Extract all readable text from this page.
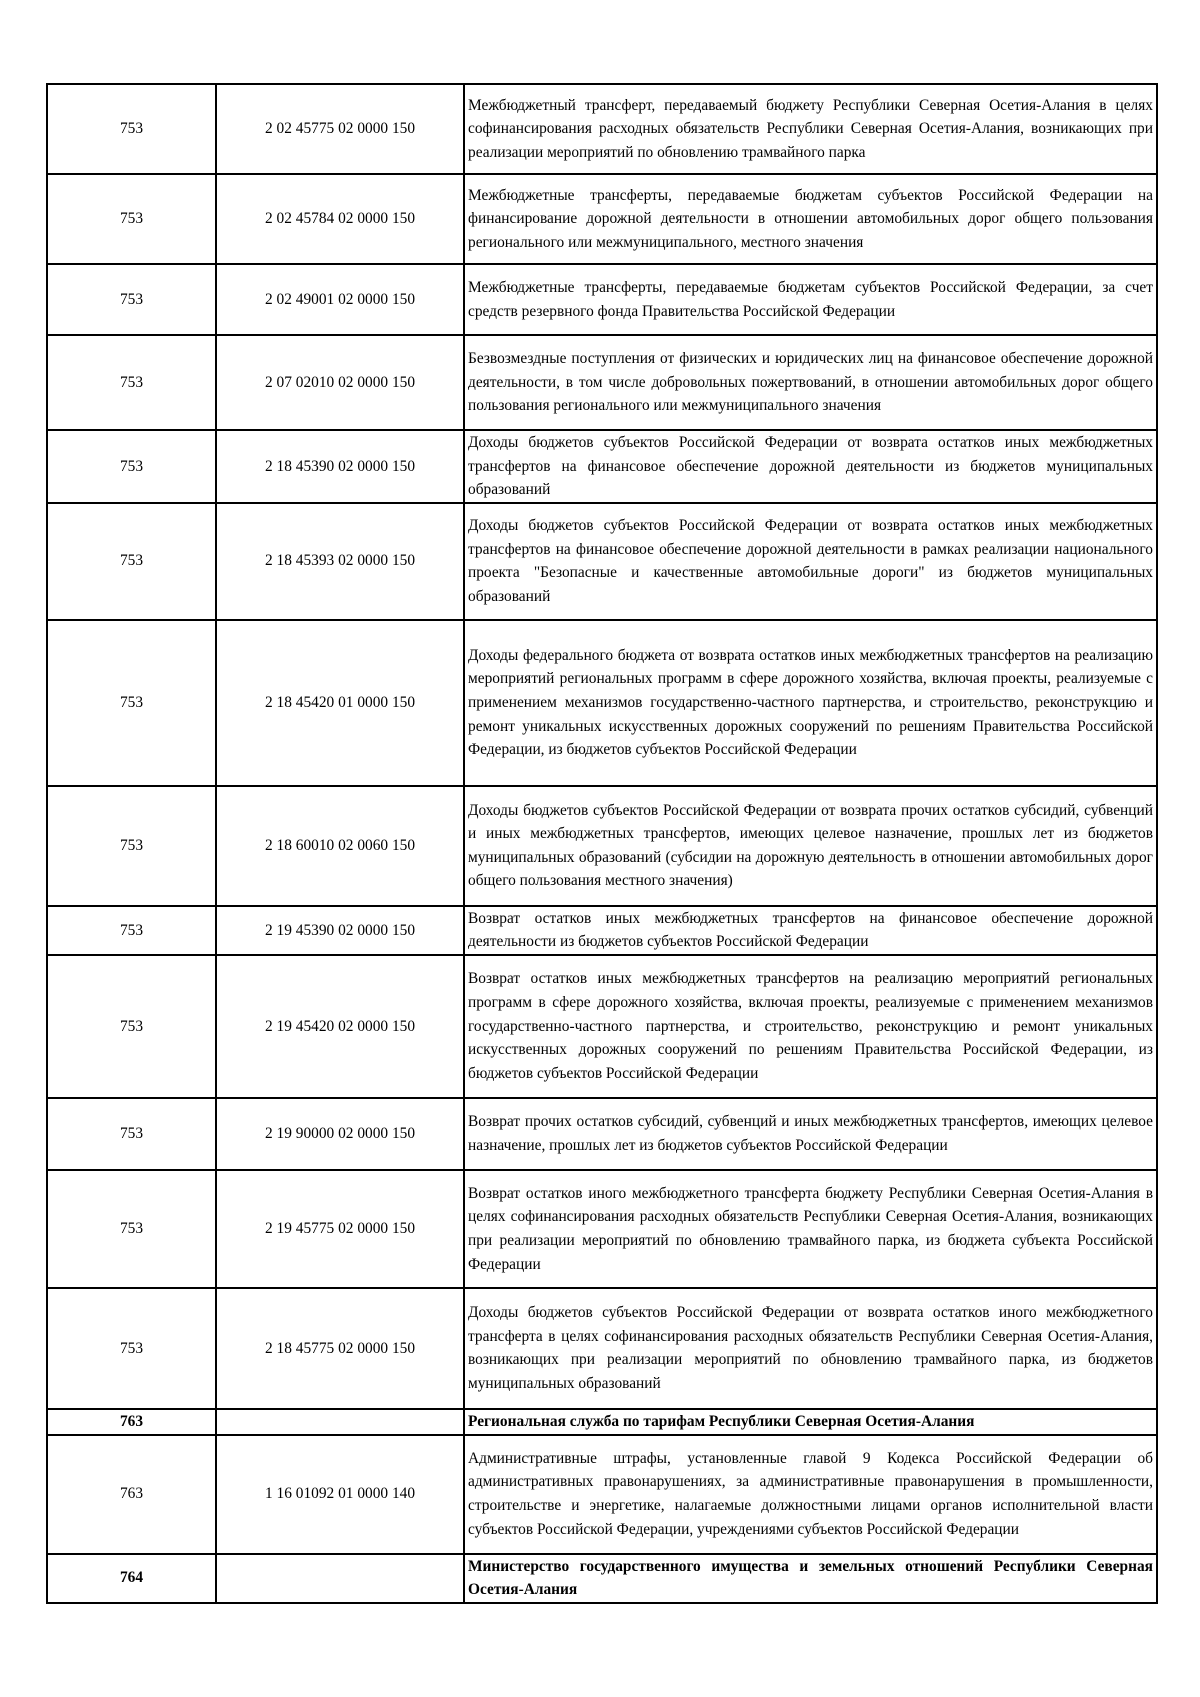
753	2 02 45775 02 0000 150	Межбюджетный трансферт, передаваемый бюджету Республики Северная Осетия-Алания в целях софинансирования расходных обязательств Республики Северная Осетия-Алания, возникающих при реализации мероприятий по обновлению трамвайного парка
753	2 02 45784 02 0000 150	Межбюджетные трансферты, передаваемые бюджетам субъектов Российской Федерации на финансирование дорожной деятельности в отношении автомобильных дорог общего пользования регионального или межмуниципального, местного значения
753	2 02 49001 02 0000 150	Межбюджетные трансферты, передаваемые бюджетам субъектов Российской Федерации, за счет средств резервного фонда Правительства Российской Федерации
753	2 07 02010 02 0000 150	Безвозмездные поступления от физических и юридических лиц на финансовое обеспечение дорожной деятельности, в том числе добровольных пожертвований, в отношении автомобильных дорог общего пользования регионального или межмуниципального значения
753	2 18 45390 02 0000 150	Доходы бюджетов субъектов Российской Федерации от возврата остатков иных межбюджетных трансфертов на финансовое обеспечение дорожной деятельности из бюджетов муниципальных образований
753	2 18 45393 02 0000 150	Доходы бюджетов субъектов Российской Федерации от возврата остатков иных межбюджетных трансфертов на финансовое обеспечение дорожной деятельности в рамках реализации национального проекта "Безопасные и качественные автомобильные дороги" из бюджетов муниципальных образований
753	2 18 45420 01 0000 150	Доходы федерального бюджета от возврата остатков иных межбюджетных трансфертов на реализацию мероприятий региональных программ в сфере дорожного хозяйства, включая проекты, реализуемые с применением механизмов государственно-частного партнерства, и строительство, реконструкцию и ремонт уникальных искусственных дорожных сооружений по решениям Правительства Российской Федерации, из бюджетов субъектов Российской Федерации
753	2 18 60010 02 0060 150	Доходы бюджетов субъектов Российской Федерации от возврата прочих остатков субсидий, субвенций и иных межбюджетных трансфертов, имеющих целевое назначение, прошлых лет из бюджетов муниципальных образований (субсидии на дорожную деятельность в отношении автомобильных дорог общего пользования местного значения)
753	2 19 45390 02 0000 150	Возврат остатков иных межбюджетных трансфертов на финансовое обеспечение дорожной деятельности из бюджетов субъектов Российской Федерации
753	2 19 45420 02 0000 150	Возврат остатков иных межбюджетных трансфертов на реализацию мероприятий региональных программ в сфере дорожного хозяйства, включая проекты, реализуемые с применением механизмов государственно-частного партнерства, и строительство, реконструкцию и ремонт уникальных искусственных дорожных сооружений по решениям Правительства Российской Федерации, из бюджетов субъектов Российской Федерации
753	2 19 90000 02 0000 150	Возврат прочих остатков субсидий, субвенций и иных межбюджетных трансфертов, имеющих целевое назначение, прошлых лет из бюджетов субъектов Российской Федерации
753	2 19 45775 02 0000 150	Возврат остатков иного межбюджетного трансферта бюджету Республики Северная Осетия-Алания в целях софинансирования расходных обязательств Республики Северная Осетия-Алания, возникающих при реализации мероприятий по обновлению трамвайного парка, из бюджета субъекта Российской Федерации
753	2 18 45775 02 0000 150	Доходы бюджетов субъектов Российской Федерации от возврата остатков иного межбюджетного трансферта в целях софинансирования расходных обязательств Республики Северная Осетия-Алания, возникающих при реализации мероприятий по обновлению трамвайного парка, из бюджетов муниципальных образований
763		Региональная служба по тарифам Республики Северная Осетия-Алания
763	1 16 01092 01 0000 140	Административные штрафы, установленные главой 9 Кодекса Российской Федерации об административных правонарушениях, за административные правонарушения в промышленности, строительстве и энергетике, налагаемые должностными лицами органов исполнительной власти субъектов Российской Федерации, учреждениями субъектов Российской Федерации
764		Министерство государственного имущества и земельных отношений Республики Северная Осетия-Алания
